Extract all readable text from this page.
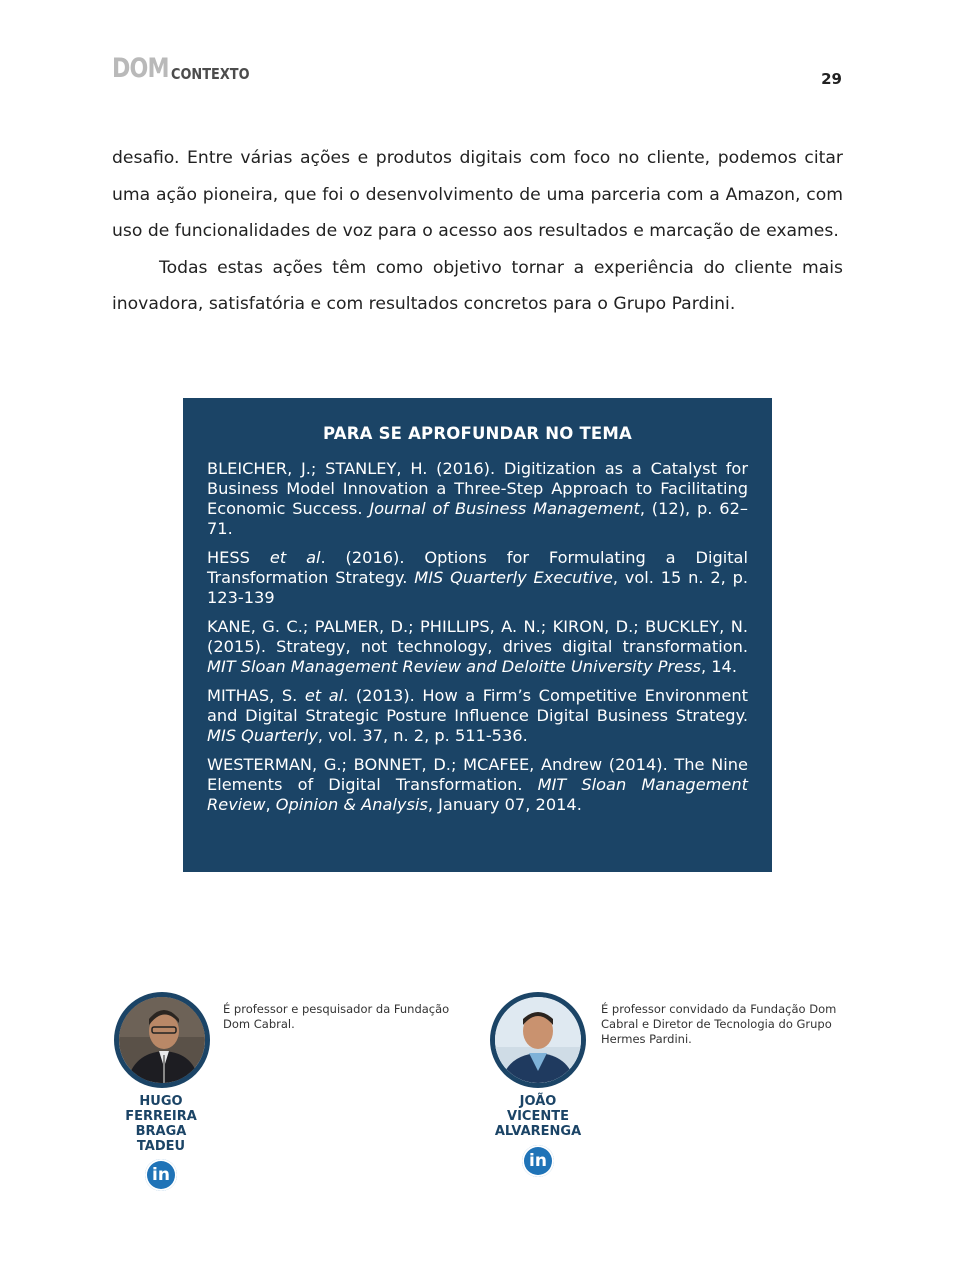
DOM CONTEXTO	29

desafio. Entre várias ações e produtos digitais com foco no cliente, podemos citar uma ação pioneira, que foi o desenvolvimento de uma parceria com a Amazon, com uso de funcionalidades de voz para o acesso aos resultados e marcação de exames.

Todas estas ações têm como objetivo tornar a experiência do cliente mais inovadora, satisfatória e com resultados concretos para o Grupo Pardini.

PARA SE APROFUNDAR NO TEMA

BLEICHER, J.; STANLEY, H. (2016). Digitization as a Catalyst for Business Model Innovation a Three-Step Approach to Facilitating Economic Success. Journal of Business Management, (12), p. 62–71.

HESS et al. (2016). Options for Formulating a Digital Transformation Strategy. MIS Quarterly Executive, vol. 15 n. 2, p. 123-139

KANE, G. C.; PALMER, D.; PHILLIPS, A. N.; KIRON, D.; BUCKLEY, N. (2015). Strategy, not technology, drives digital transformation. MIT Sloan Management Review and Deloitte University Press, 14.

MITHAS, S. et al. (2013). How a Firm’s Competitive Environment and Digital Strategic Posture Influence Digital Business Strategy. MIS Quarterly, vol. 37, n. 2, p. 511-536.

WESTERMAN, G.; BONNET, D.; MCAFEE, Andrew (2014). The Nine Elements of Digital Transformation. MIT Sloan Management Review, Opinion & Analysis, January 07, 2014.

HUGO
FERREIRA
BRAGA
TADEU
in
É professor e pesquisador da Fundação Dom Cabral.
JOÃO
VICENTE
ALVARENGA
in
É professor convidado da Fundação Dom Cabral e Diretor de Tecnologia do Grupo Hermes Pardini.
